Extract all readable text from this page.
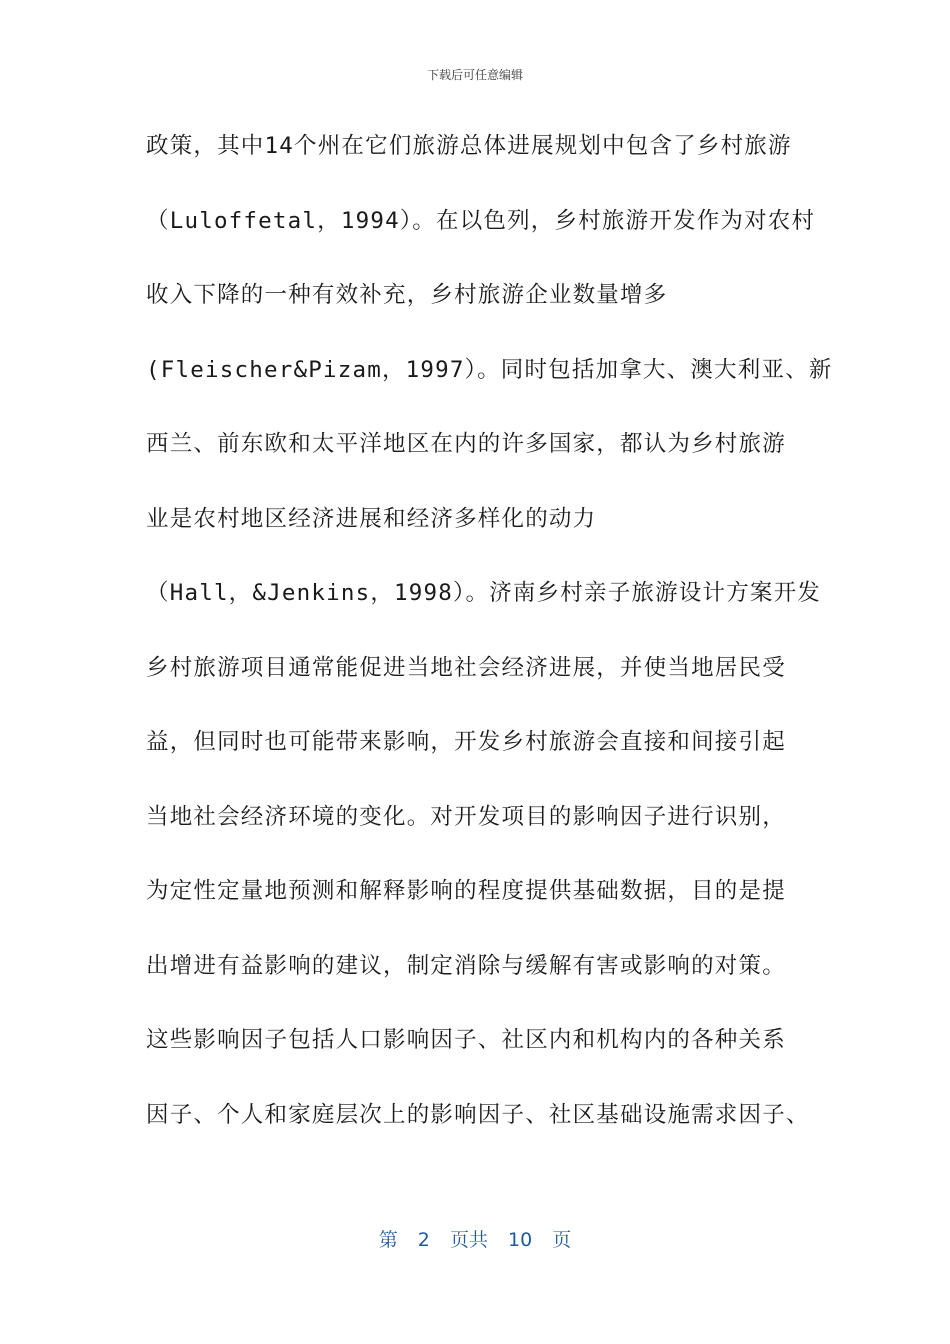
下载后可任意编辑
政策，其中14个州在它们旅游总体进展规划中包含了乡村旅游
（Luloffetal，1994）。在以色列，乡村旅游开发作为对农村
收入下降的一种有效补充，乡村旅游企业数量增多
(Fleischer&Pizam，1997）。同时包括加拿大、澳大利亚、新
西兰、前东欧和太平洋地区在内的许多国家，都认为乡村旅游
业是农村地区经济进展和经济多样化的动力
（Hall，&Jenkins，1998）。济南乡村亲子旅游设计方案开发
乡村旅游项目通常能促进当地社会经济进展，并使当地居民受
益，但同时也可能带来影响，开发乡村旅游会直接和间接引起
当地社会经济环境的变化。对开发项目的影响因子进行识别，
为定性定量地预测和解释影响的程度提供基础数据，目的是提
出增进有益影响的建议，制定消除与缓解有害或影响的对策。
这些影响因子包括人口影响因子、社区内和机构内的各种关系
因子、个人和家庭层次上的影响因子、社区基础设施需求因子、
第 2 页共 10 页
